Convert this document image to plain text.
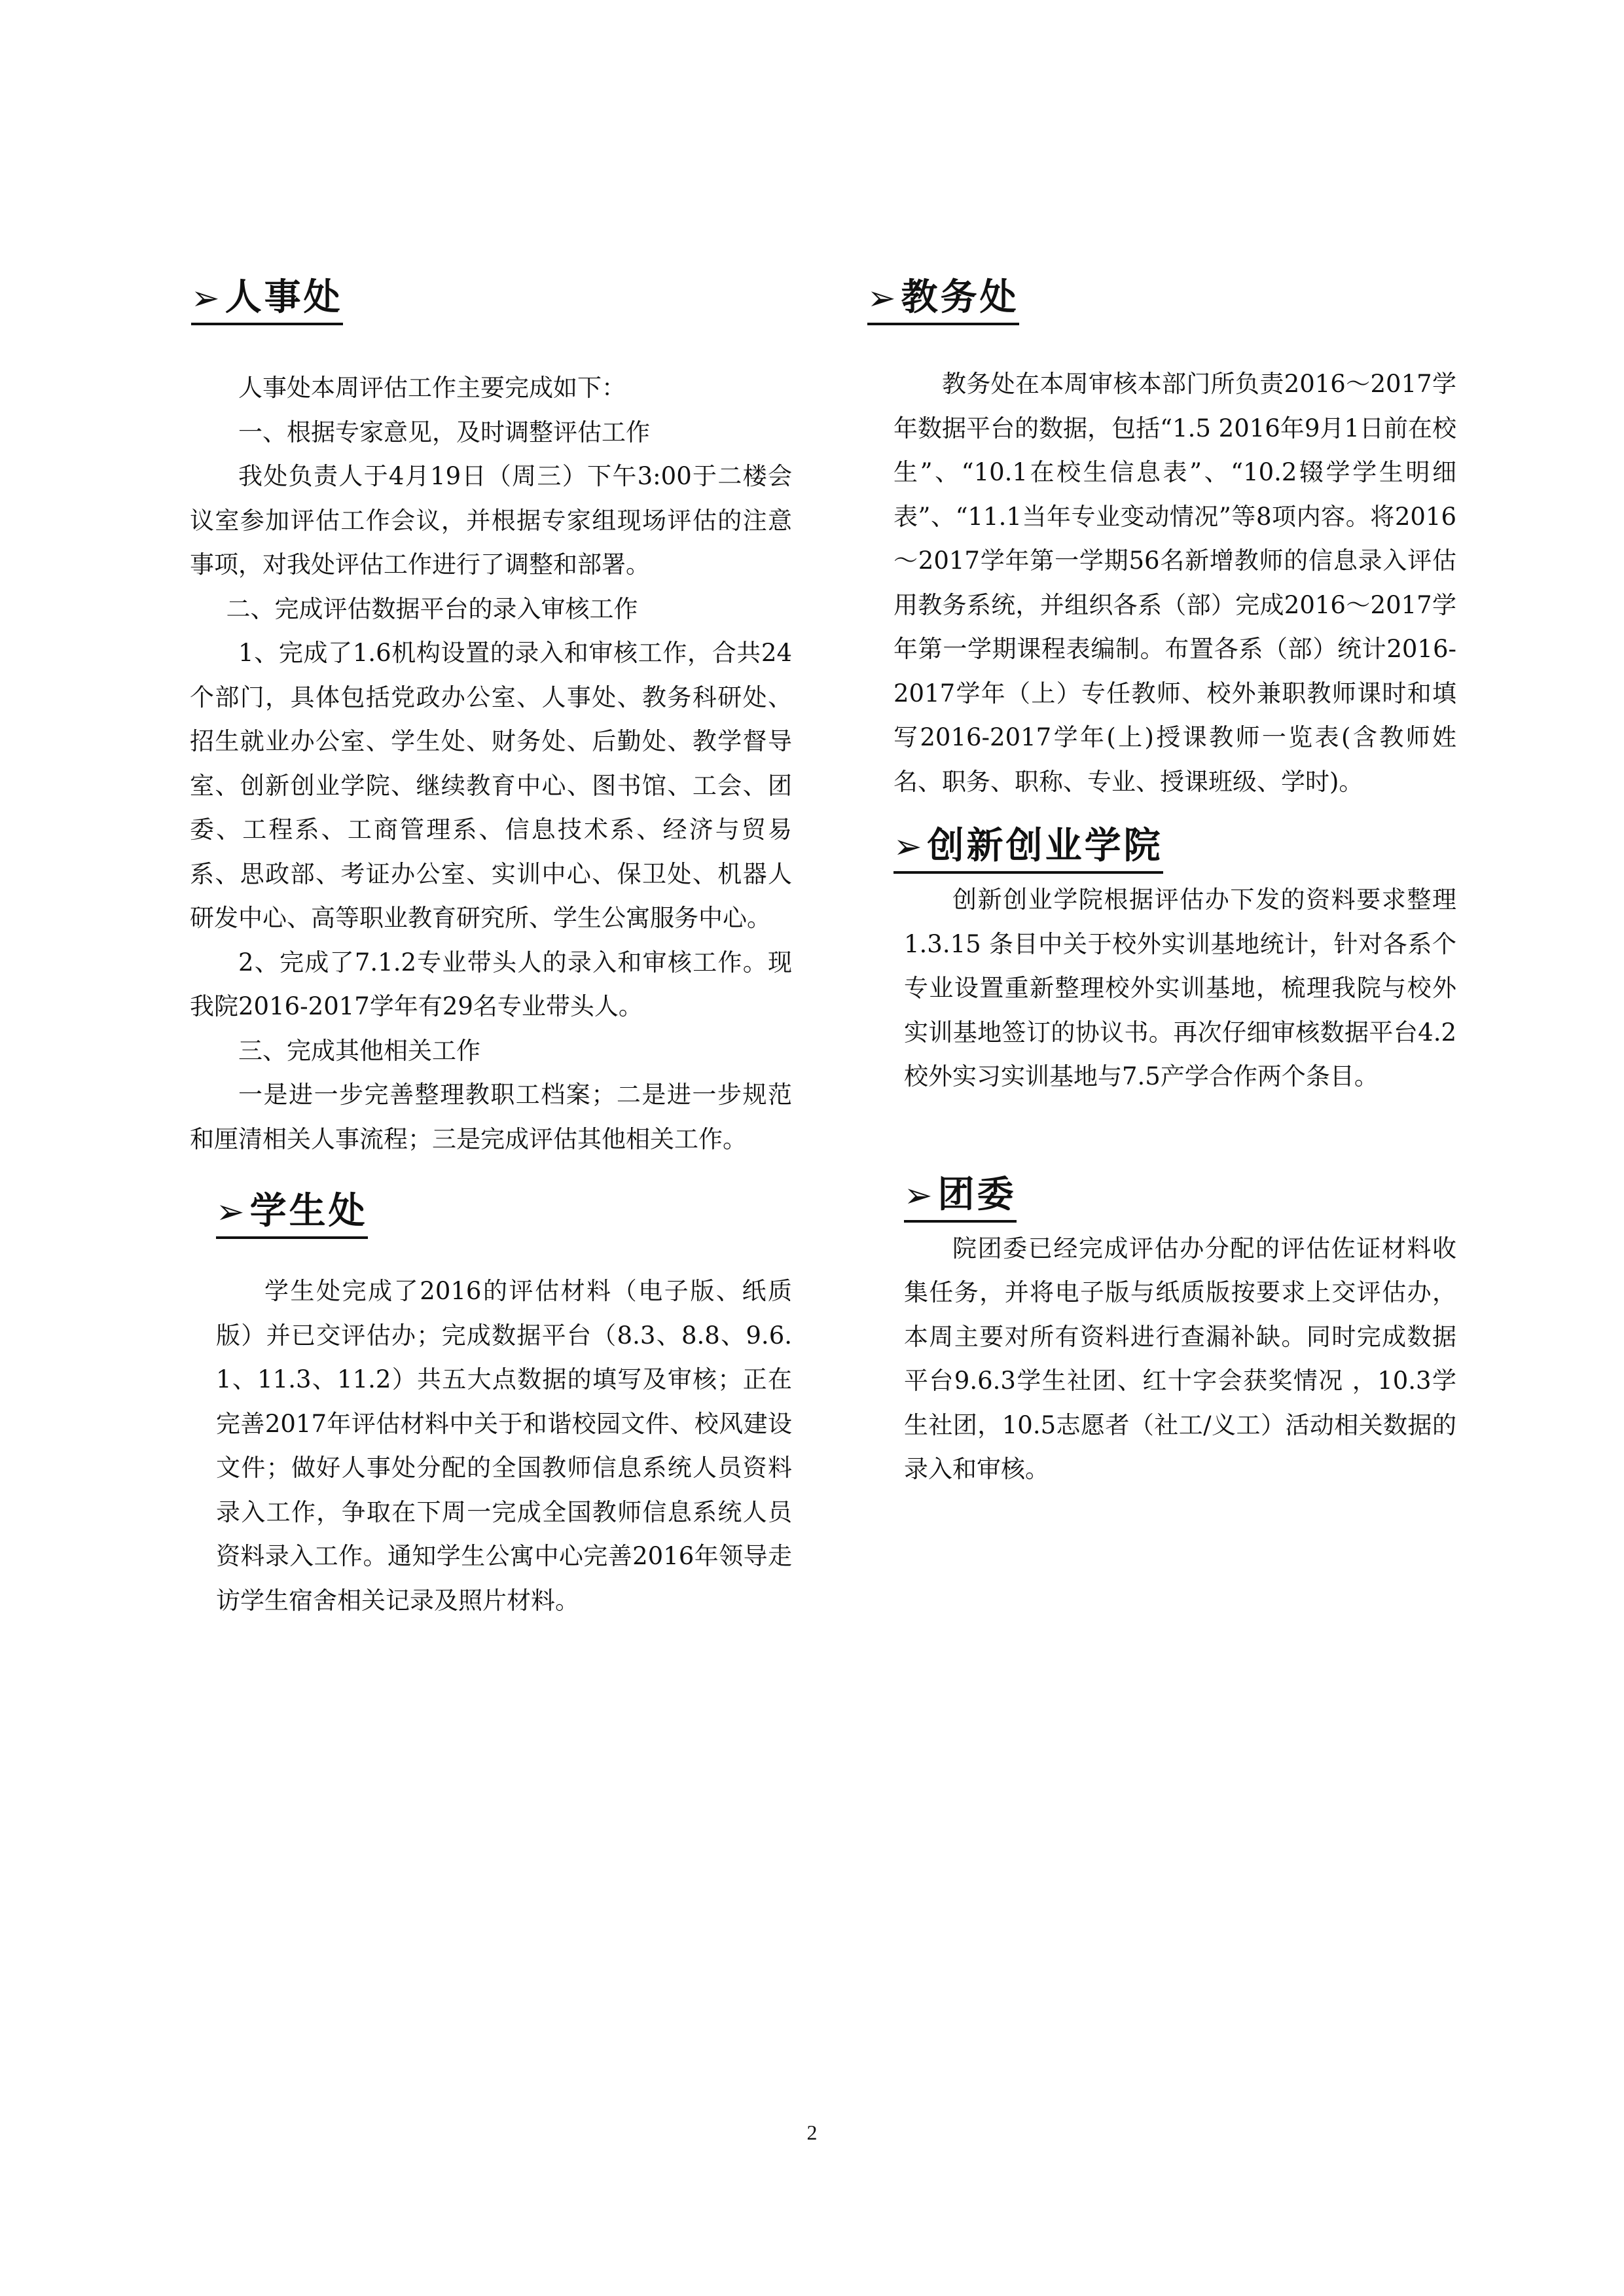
➢人事处

人事处本周评估工作主要完成如下：

一、根据专家意见，及时调整评估工作

我处负责人于4月19日（周三）下午3:00于二楼会议室参加评估工作会议，并根据专家组现场评估的注意事项，对我处评估工作进行了调整和部署。

二、完成评估数据平台的录入审核工作

1、完成了1.6机构设置的录入和审核工作，合共24个部门，具体包括党政办公室、人事处、教务科研处、招生就业办公室、学生处、财务处、后勤处、教学督导室、创新创业学院、继续教育中心、图书馆、工会、团委、工程系、工商管理系、信息技术系、经济与贸易系、思政部、考证办公室、实训中心、保卫处、机器人研发中心、高等职业教育研究所、学生公寓服务中心。

2、完成了7.1.2专业带头人的录入和审核工作。现我院2016-2017学年有29名专业带头人。

三、完成其他相关工作

一是进一步完善整理教职工档案；二是进一步规范和厘清相关人事流程；三是完成评估其他相关工作。

➢学生处

学生处完成了2016的评估材料（电子版、纸质版）并已交评估办；完成数据平台（8.3、8.8、9.6.1、11.3、11.2）共五大点数据的填写及审核；正在完善2017年评估材料中关于和谐校园文件、校风建设文件；做好人事处分配的全国教师信息系统人员资料录入工作，争取在下周一完成全国教师信息系统人员资料录入工作。通知学生公寓中心完善2016年领导走访学生宿舍相关记录及照片材料。

➢教务处

教务处在本周审核本部门所负责2016～2017学年数据平台的数据，包括“1.5 2016年9月1日前在校生”、“10.1在校生信息表”、“10.2辍学学生明细表”、“11.1当年专业变动情况”等8项内容。将2016～2017学年第一学期56名新增教师的信息录入评估用教务系统，并组织各系（部）完成2016～2017学年第一学期课程表编制。布置各系（部）统计2016-2017学年（上）专任教师、校外兼职教师课时和填写2016-2017学年(上)授课教师一览表(含教师姓名、职务、职称、专业、授课班级、学时)。

➢创新创业学院

创新创业学院根据评估办下发的资料要求整理 1.3.15 条目中关于校外实训基地统计，针对各系个专业设置重新整理校外实训基地，梳理我院与校外实训基地签订的协议书。再次仔细审核数据平台4.2校外实习实训基地与7.5产学合作两个条目。

➢团委

院团委已经完成评估办分配的评估佐证材料收集任务，并将电子版与纸质版按要求上交评估办，本周主要对所有资料进行查漏补缺。同时完成数据平台9.6.3学生社团、红十字会获奖情况 ，10.3学生社团，10.5志愿者（社工/义工）活动相关数据的录入和审核。

2
